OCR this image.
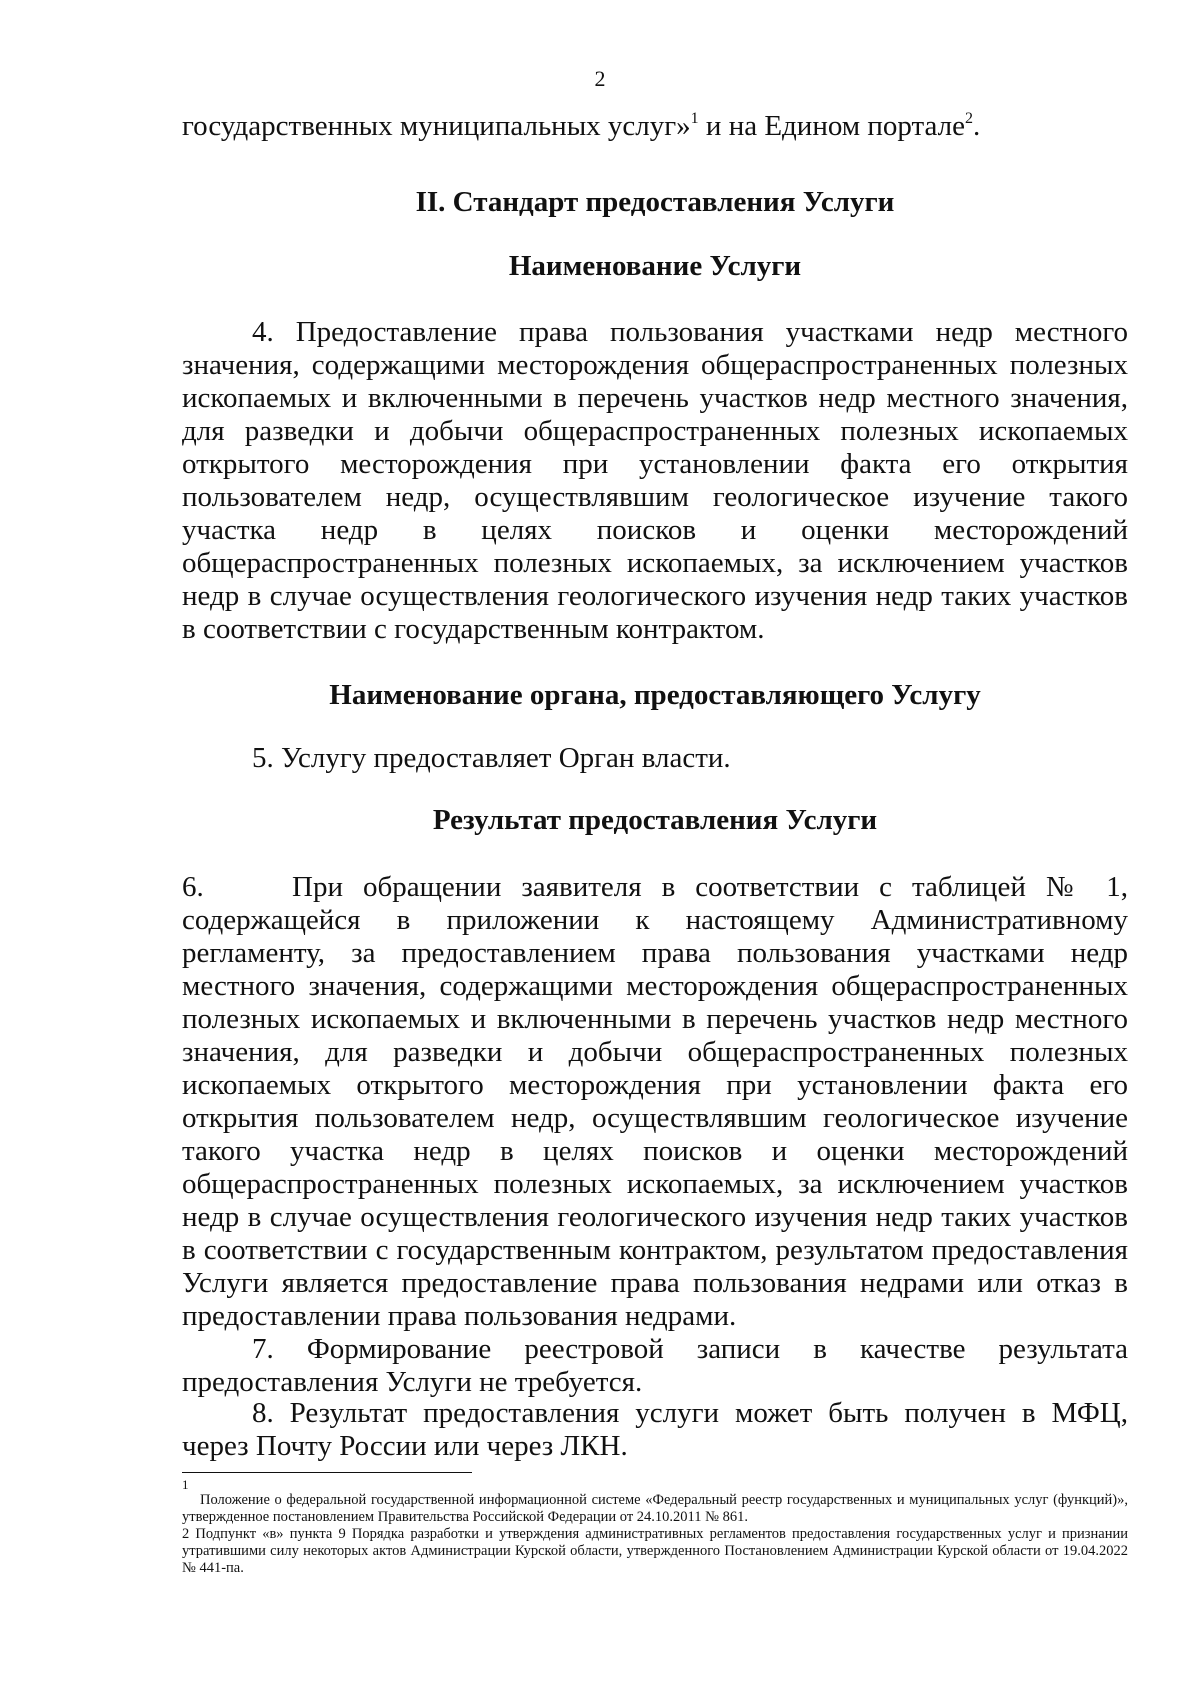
2

государственных муниципальных услуг»$^1$ и на Едином портале$^2$.

II. Стандарт предоставления Услуги
Наименование Услуги

4. Предоставление права пользования участками недр местного значения, содержащими месторождения общераспространенных полезных ископаемых и включенными в перечень участков недр местного значения, для разведки и добычи общераспространенных полезных ископаемых открытого месторождения при установлении факта его открытия пользователем недр, осуществлявшим геологическое изучение такого участка недр в целях поисков и оценки месторождений общераспространенных полезных ископаемых, за исключением участков недр в случае осуществления геологического изучения недр таких участков в соответствии с государственным контрактом.

Наименование органа, предоставляющего Услугу

5. Услугу предоставляет Орган власти.

Результат предоставления Услуги

6.	При обращении заявителя в соответствии с таблицей № 1, содержащейся в приложении к настоящему Административному регламенту, за предоставлением права пользования участками недр местного значения, содержащими месторождения общераспространенных полезных ископаемых и включенными в перечень участков недр местного значения, для разведки и добычи общераспространенных полезных ископаемых открытого месторождения при установлении факта его открытия пользователем недр, осуществлявшим геологическое изучение такого участка недр в целях поисков и оценки месторождений общераспространенных полезных ископаемых, за исключением участков недр в случае осуществления геологического изучения недр таких участков в соответствии с государственным контрактом, результатом предоставления Услуги является предоставление права пользования недрами или отказ в предоставлении права пользования недрами.

7. Формирование реестровой записи в качестве результата предоставления Услуги не требуется.

8. Результат предоставления услуги может быть получен в МФЦ, через Почту России или через ЛКН.

1

Положение о федеральной государственной информационной системе «Федеральный реестр государственных и муниципальных услуг (функций)», утвержденное постановлением Правительства Российской Федерации от 24.10.2011 № 861.

2 Подпункт «в» пункта 9 Порядка разработки и утверждения административных регламентов предоставления государственных услуг и признании утратившими силу некоторых актов Администрации Курской области, утвержденного Постановлением Администрации Курской области от 19.04.2022 № 441-па.
